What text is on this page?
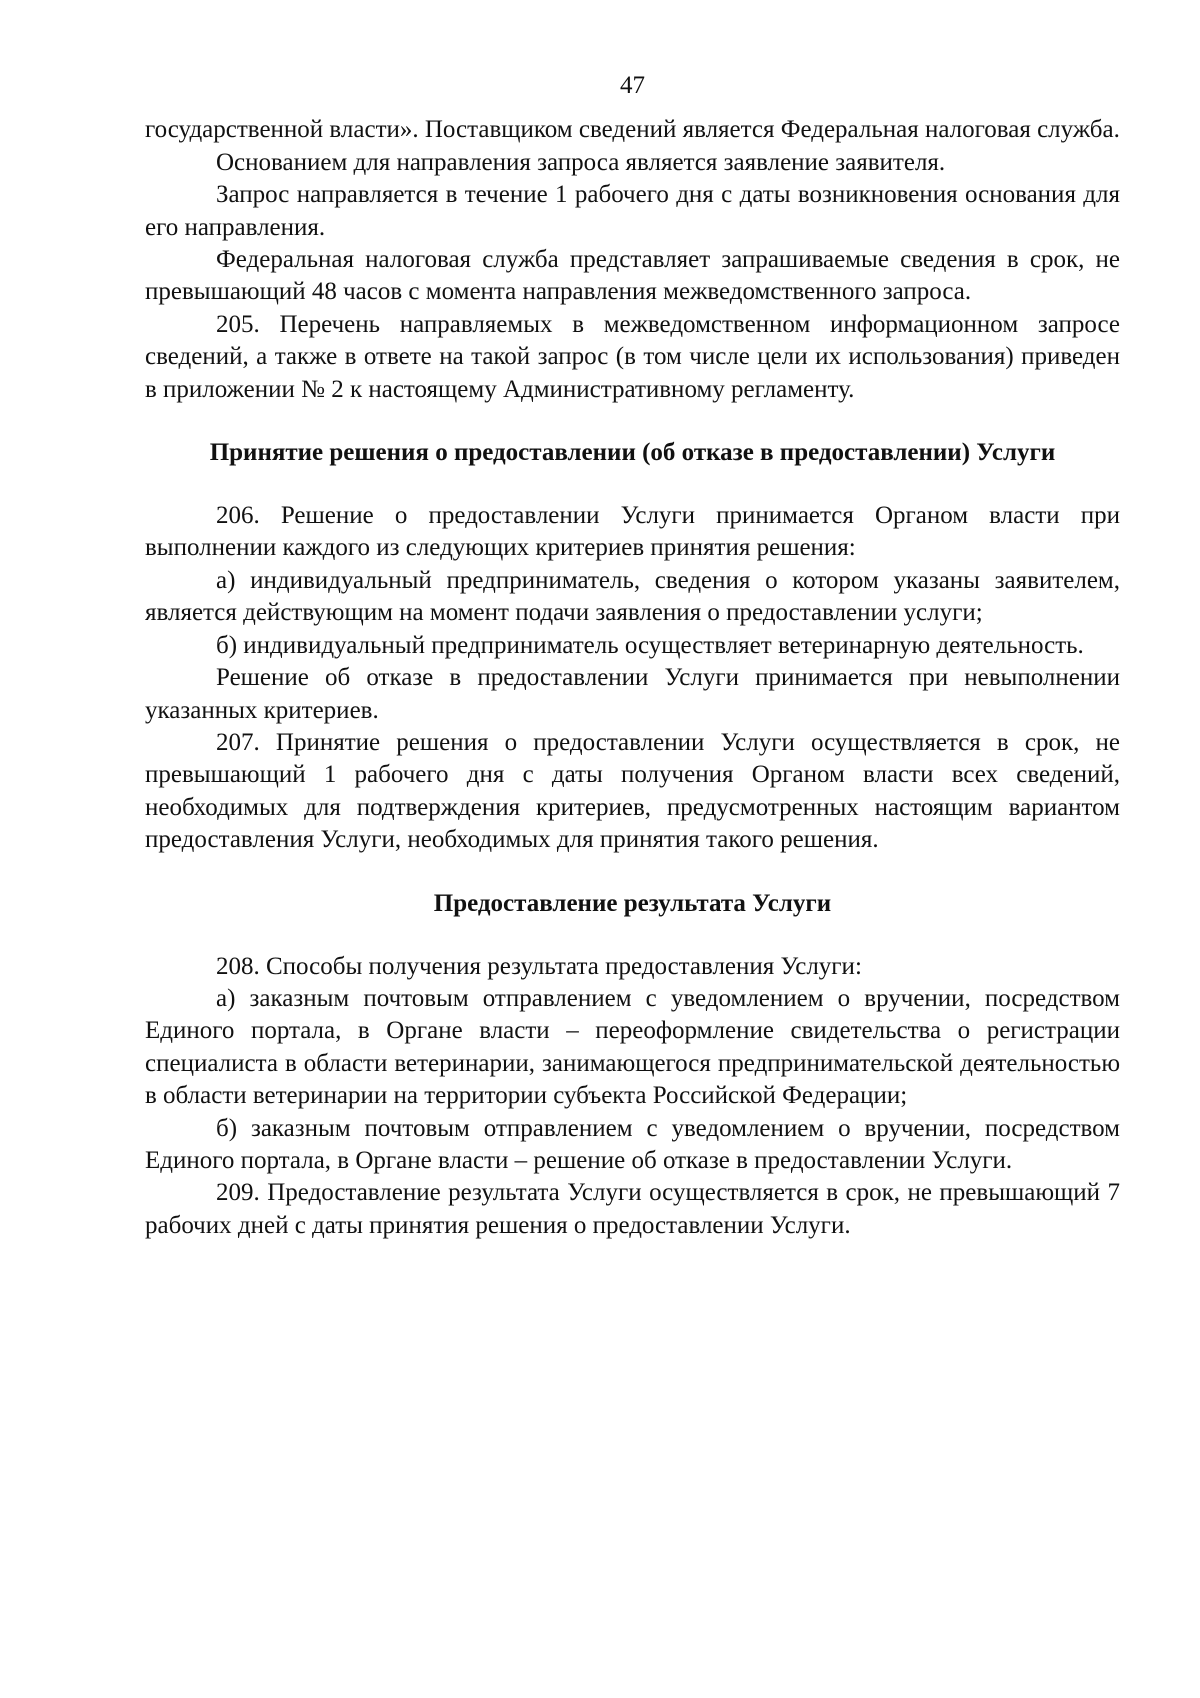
47

государственной власти». Поставщиком сведений является Федеральная налоговая служба.

Основанием для направления запроса является заявление заявителя.

Запрос направляется в течение 1 рабочего дня с даты возникновения основания для его направления.

Федеральная налоговая служба представляет запрашиваемые сведения в срок, не превышающий 48 часов с момента направления межведомственного запроса.

205. Перечень направляемых в межведомственном информационном запросе сведений, а также в ответе на такой запрос (в том числе цели их использования) приведен в приложении № 2 к настоящему Административному регламенту.

Принятие решения о предоставлении (об отказе в предоставлении) Услуги

206. Решение о предоставлении Услуги принимается Органом власти при выполнении каждого из следующих критериев принятия решения:

а) индивидуальный предприниматель, сведения о котором указаны заявителем, является действующим на момент подачи заявления о предоставлении услуги;

б) индивидуальный предприниматель осуществляет ветеринарную деятельность.

Решение об отказе в предоставлении Услуги принимается при невыполнении указанных критериев.

207. Принятие решения о предоставлении Услуги осуществляется в срок, не превышающий 1 рабочего дня с даты получения Органом власти всех сведений, необходимых для подтверждения критериев, предусмотренных настоящим вариантом предоставления Услуги, необходимых для принятия такого решения.

Предоставление результата Услуги

208. Способы получения результата предоставления Услуги:

а) заказным почтовым отправлением с уведомлением о вручении, посредством Единого портала, в Органе власти – переоформление свидетельства о регистрации специалиста в области ветеринарии, занимающегося предпринимательской деятельностью в области ветеринарии на территории субъекта Российской Федерации;

б) заказным почтовым отправлением с уведомлением о вручении, посредством Единого портала, в Органе власти – решение об отказе в предоставлении Услуги.

209. Предоставление результата Услуги осуществляется в срок, не превышающий 7 рабочих дней с даты принятия решения о предоставлении Услуги.
